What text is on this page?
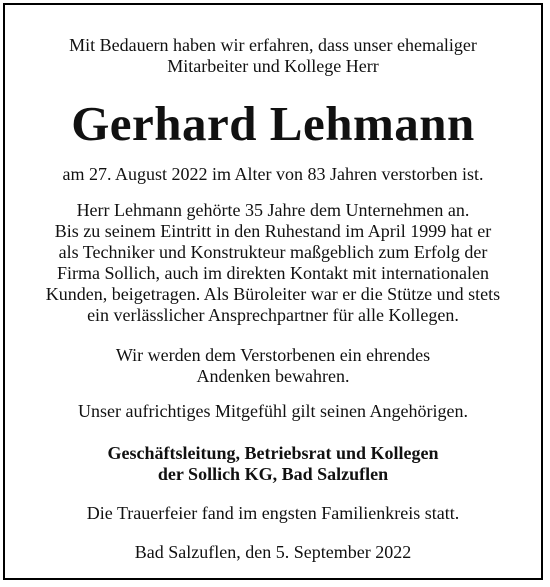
Mit Bedauern haben wir erfahren, dass unser ehemaliger
Mitarbeiter und Kollege Herr
Gerhard Lehmann
am 27. August 2022 im Alter von 83 Jahren verstorben ist.
Herr Lehmann gehörte 35 Jahre dem Unternehmen an.
Bis zu seinem Eintritt in den Ruhestand im April 1999 hat er
als Techniker und Konstrukteur maßgeblich zum Erfolg der
Firma Sollich, auch im direkten Kontakt mit internationalen
Kunden, beigetragen. Als Büroleiter war er die Stütze und stets
ein verlässlicher Ansprechpartner für alle Kollegen.
Wir werden dem Verstorbenen ein ehrendes
Andenken bewahren.
Unser aufrichtiges Mitgefühl gilt seinen Angehörigen.
Geschäftsleitung, Betriebsrat und Kollegen
der Sollich KG, Bad Salzuflen
Die Trauerfeier fand im engsten Familienkreis statt.
Bad Salzuflen, den 5. September 2022
